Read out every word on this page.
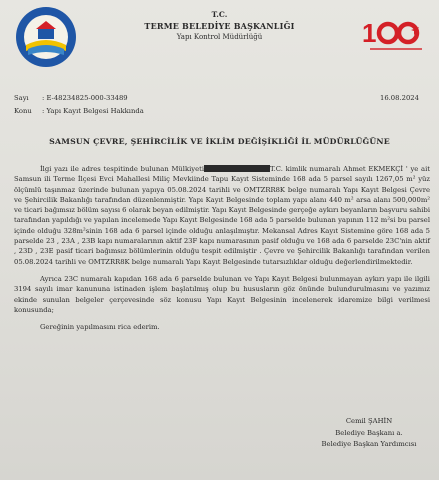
T.C.
TERME BELEDİYE BAŞKANLIĞI
Yapı Kontrol Müdürlüğü	1
Sayı : E-48234825-000-33489
Konu : Yapı Kayıt Belgesi Hakkında
16.08.2024
SAMSUN ÇEVRE, ŞEHİRCİLİK VE İKLİM DEĞİŞİKLİĞİ İL MÜDÜRLÜĞÜNE

İlgi yazı ile adres tespitinde bulunan Mülkiyeti	T.C. kimlik numaralı Ahmet EKMEKÇİ ' ye ait Samsun ili Terme İlçesi Evci Mahallesi Miliç Mevkiinde Tapu Kayıt Sisteminde 168 ada 5 parsel sayılı 1267,05 m² yüz ölçümlü taşınmaz üzerinde bulunan yapıya 05.08.2024 tarihli ve OMTZRR8K belge numaralı Yapı Kayıt Belgesi Çevre ve Şehircilik Bakanlığı tarafından düzenlenmiştir. Yapı Kayıt Belgesinde toplam yapı alanı 440 m² arsa alanı 500,000m² ve ticari bağımsız bölüm sayısı 6 olarak beyan edilmiştir. Yapı Kayıt Belgesinde gerçeğe aykırı beyanların başvuru sahibi tarafından yapıldığı ve yapılan incelemede Yapı Kayıt Belgesinde 168 ada 5 parselde bulunan yapının 112 m²si bu parsel içinde olduğu 328m²sinin 168 ada 6 parsel içinde olduğu anlaşılmıştır. Mekansal Adres Kayıt Sistemine göre 168 ada 5 parselde 23 , 23A , 23B kapı numaralarının aktif 23F kapı numarasının pasif olduğu ve 168 ada 6 parselde 23C'nin aktif , 23D , 23E pasif ticari bağımsız bölümlerinin olduğu tespit edilmiştir . Çevre ve Şehircilik Bakanlığı tarafından verilen 05.08.2024 tarihli ve OMTZRR8K belge numaralı Yapı Kayıt Belgesinde tutarsızlıklar olduğu değerlendirilmektedir.

Ayrıca 23C numaralı kapıdan 168 ada 6 parselde bulunan ve Yapı Kayıt Belgesi bulunmayan aykırı yapı ile ilgili 3194 sayılı imar kanununa istinaden işlem başlatılmış olup bu hususların göz önünde bulundurulmasını ve yazımız ekinde sunulan belgeler çerçevesinde söz konusu Yapı Kayıt Belgesinin incelenerek idaremize bilgi verilmesi konusunda;

Gereğinin yapılmasını rica ederim.

Cemil ŞAHİN
Belediye Başkanı a.
Belediye Başkan Yardımcısı
